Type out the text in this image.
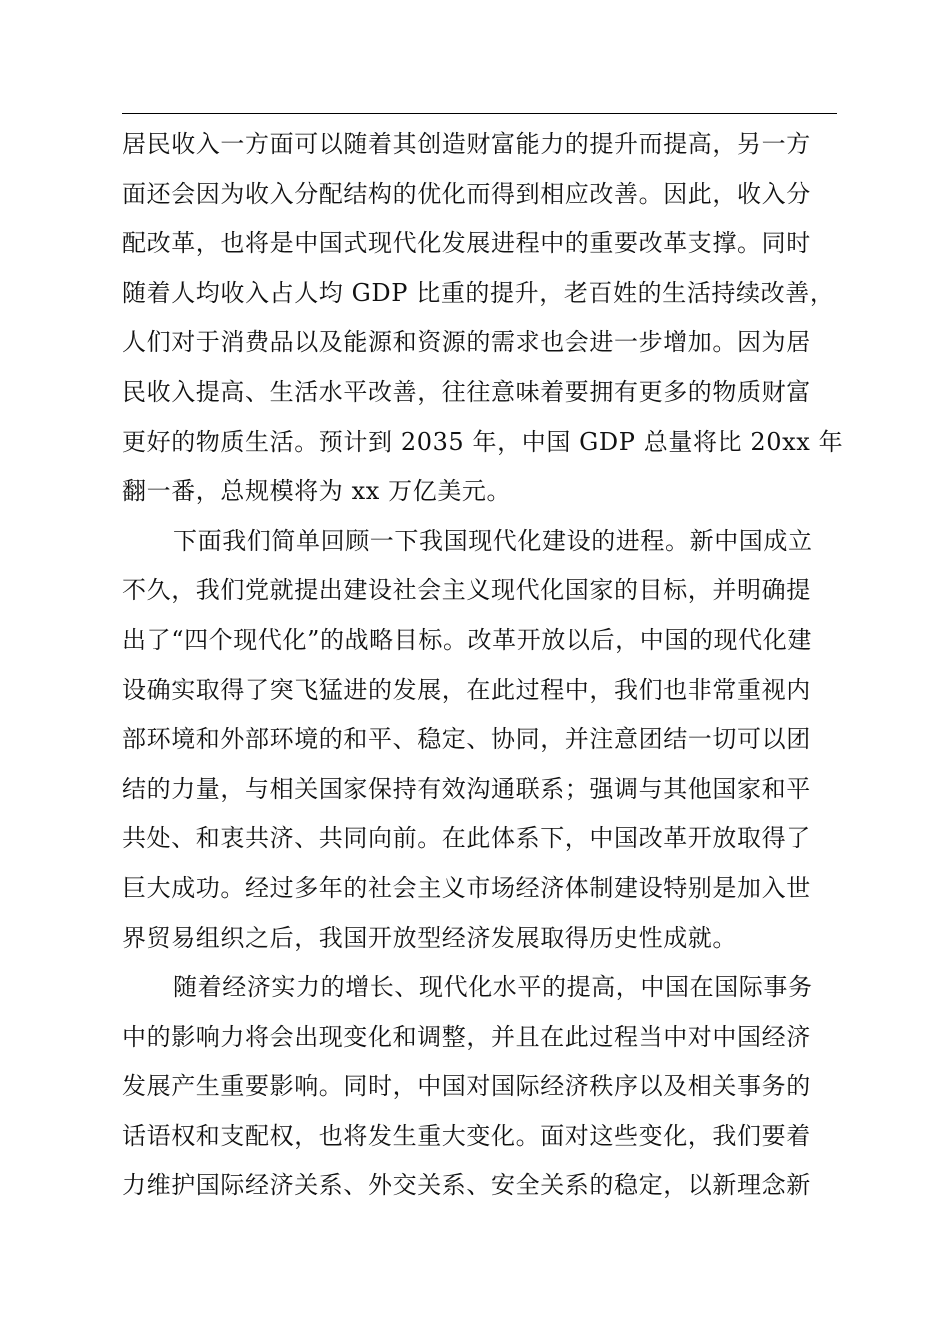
居民收入一方面可以随着其创造财富能力的提升而提高，另一方
面还会因为收入分配结构的优化而得到相应改善。因此，收入分
配改革，也将是中国式现代化发展进程中的重要改革支撑。同时
随着人均收入占人均 GDP 比重的提升，老百姓的生活持续改善，
人们对于消费品以及能源和资源的需求也会进一步增加。因为居
民收入提高、生活水平改善，往往意味着要拥有更多的物质财富
更好的物质生活。预计到 2035 年，中国 GDP 总量将比 20xx 年
翻一番，总规模将为 xx 万亿美元。
下面我们简单回顾一下我国现代化建设的进程。新中国成立
不久，我们党就提出建设社会主义现代化国家的目标，并明确提
出了“四个现代化”的战略目标。改革开放以后，中国的现代化建
设确实取得了突飞猛进的发展，在此过程中，我们也非常重视内
部环境和外部环境的和平、稳定、协同，并注意团结一切可以团
结的力量，与相关国家保持有效沟通联系；强调与其他国家和平
共处、和衷共济、共同向前。在此体系下，中国改革开放取得了
巨大成功。经过多年的社会主义市场经济体制建设特别是加入世
界贸易组织之后，我国开放型经济发展取得历史性成就。
随着经济实力的增长、现代化水平的提高，中国在国际事务
中的影响力将会出现变化和调整，并且在此过程当中对中国经济
发展产生重要影响。同时，中国对国际经济秩序以及相关事务的
话语权和支配权，也将发生重大变化。面对这些变化，我们要着
力维护国际经济关系、外交关系、安全关系的稳定，以新理念新
